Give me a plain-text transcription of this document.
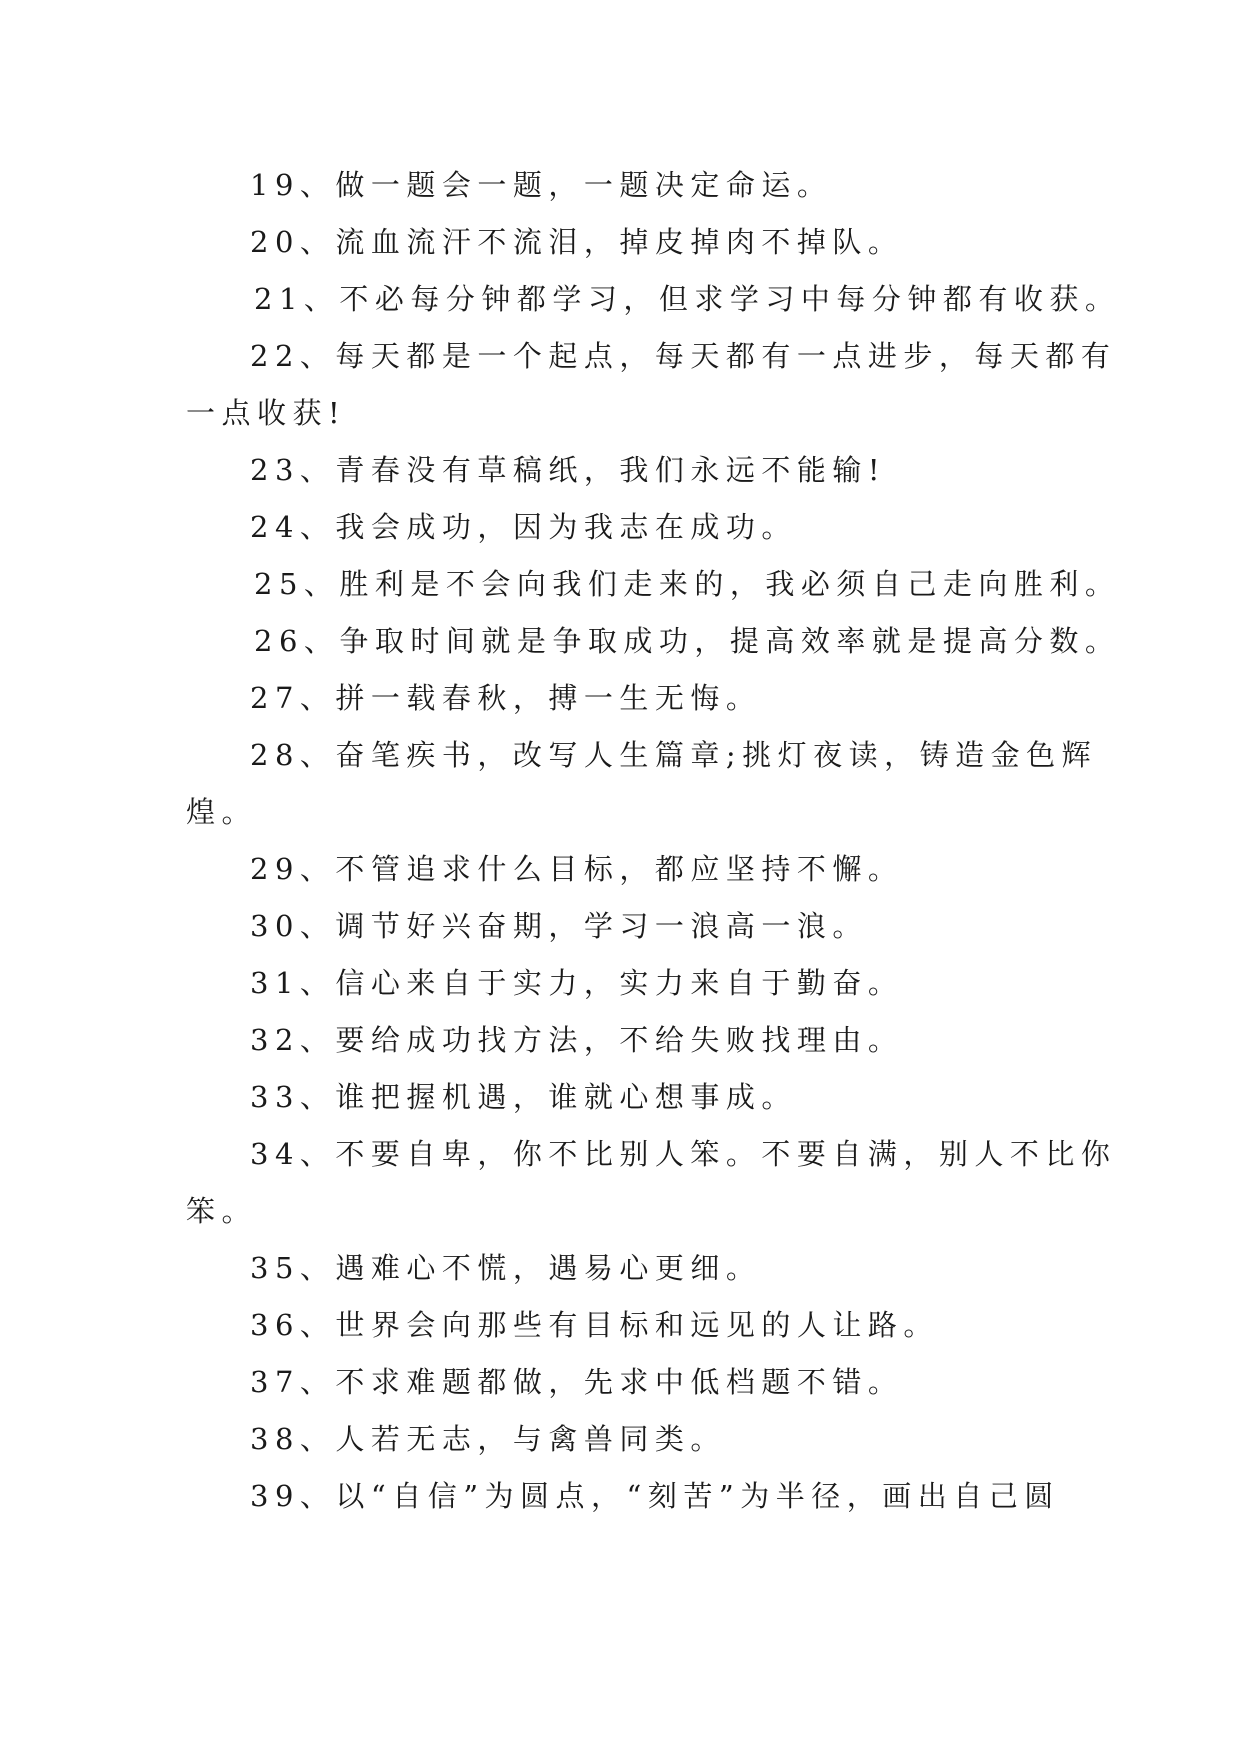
19、做一题会一题，一题决定命运。
20、流血流汗不流泪，掉皮掉肉不掉队。
21、不必每分钟都学习，但求学习中每分钟都有收获。
22、每天都是一个起点，每天都有一点进步，每天都有
一点收获!
23、青春没有草稿纸，我们永远不能输!
24、我会成功，因为我志在成功。
25、胜利是不会向我们走来的，我必须自己走向胜利。
26、争取时间就是争取成功，提高效率就是提高分数。
27、拼一载春秋，搏一生无悔。
28、奋笔疾书，改写人生篇章;挑灯夜读，铸造金色辉
煌。
29、不管追求什么目标，都应坚持不懈。
30、调节好兴奋期，学习一浪高一浪。
31、信心来自于实力，实力来自于勤奋。
32、要给成功找方法，不给失败找理由。
33、谁把握机遇，谁就心想事成。
34、不要自卑，你不比别人笨。不要自满，别人不比你
笨。
35、遇难心不慌，遇易心更细。
36、世界会向那些有目标和远见的人让路。
37、不求难题都做，先求中低档题不错。
38、人若无志，与禽兽同类。
39、以“自信”为圆点，“刻苦”为半径，画出自己圆
